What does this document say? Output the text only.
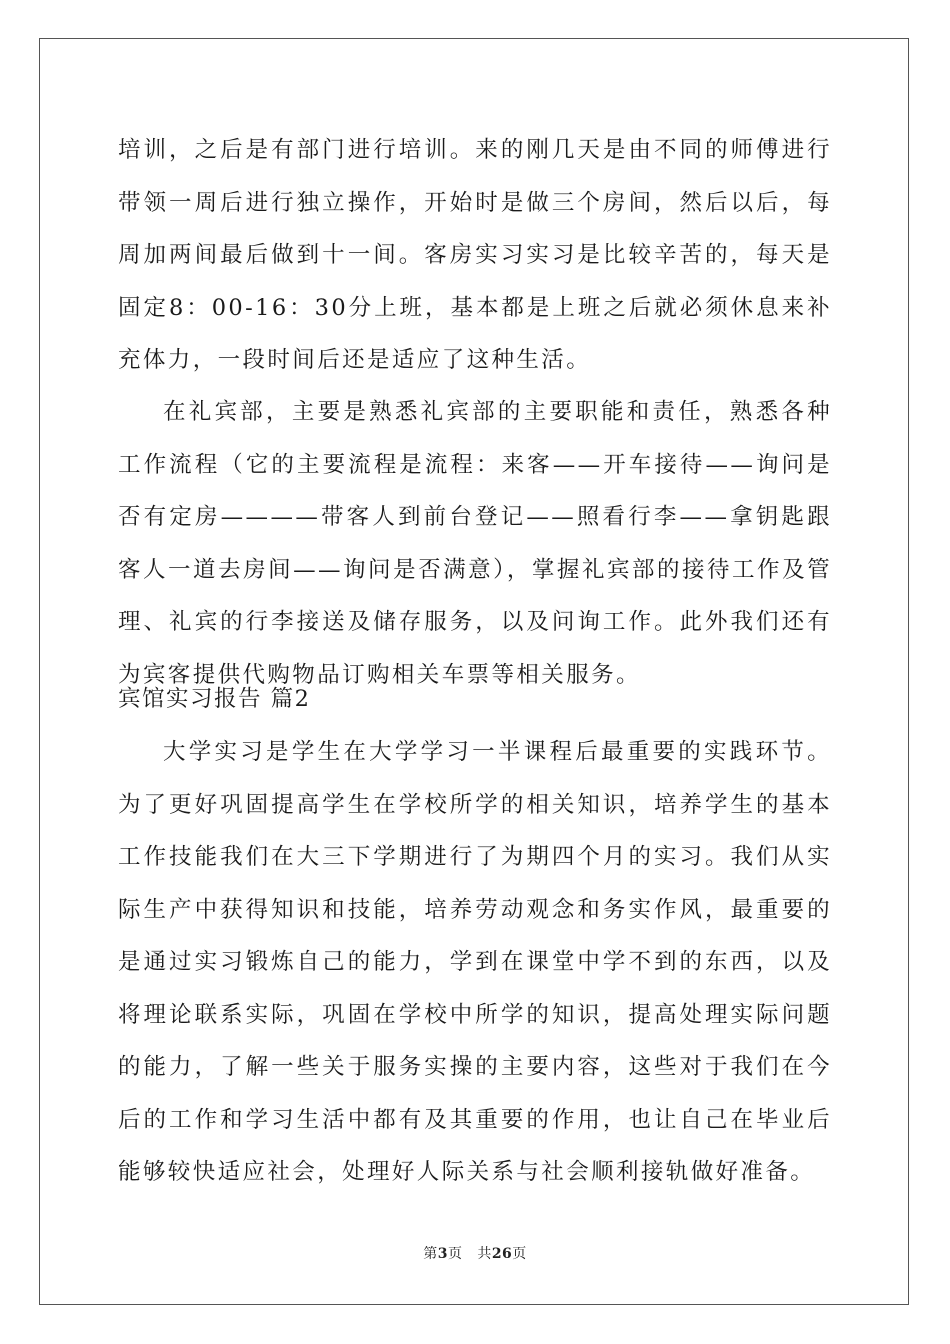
培训，之后是有部门进行培训。来的刚几天是由不同的师傅进行带领一周后进行独立操作，开始时是做三个房间，然后以后，每周加两间最后做到十一间。客房实习实习是比较辛苦的，每天是固定8：00-16：30分上班，基本都是上班之后就必须休息来补充体力，一段时间后还是适应了这种生活。
在礼宾部，主要是熟悉礼宾部的主要职能和责任，熟悉各种工作流程（它的主要流程是流程：来客——开车接待——询问是否有定房————带客人到前台登记——照看行李——拿钥匙跟客人一道去房间——询问是否满意），掌握礼宾部的接待工作及管理、礼宾的行李接送及储存服务，以及问询工作。此外我们还有为宾客提供代购物品订购相关车票等相关服务。
宾馆实习报告 篇2
大学实习是学生在大学学习一半课程后最重要的实践环节。为了更好巩固提高学生在学校所学的相关知识，培养学生的基本工作技能我们在大三下学期进行了为期四个月的实习。我们从实际生产中获得知识和技能，培养劳动观念和务实作风，最重要的是通过实习锻炼自己的能力，学到在课堂中学不到的东西，以及将理论联系实际，巩固在学校中所学的知识，提高处理实际问题的能力，了解一些关于服务实操的主要内容，这些对于我们在今后的工作和学习生活中都有及其重要的作用，也让自己在毕业后能够较快适应社会，处理好人际关系与社会顺利接轨做好准备。
第3页 共26页
